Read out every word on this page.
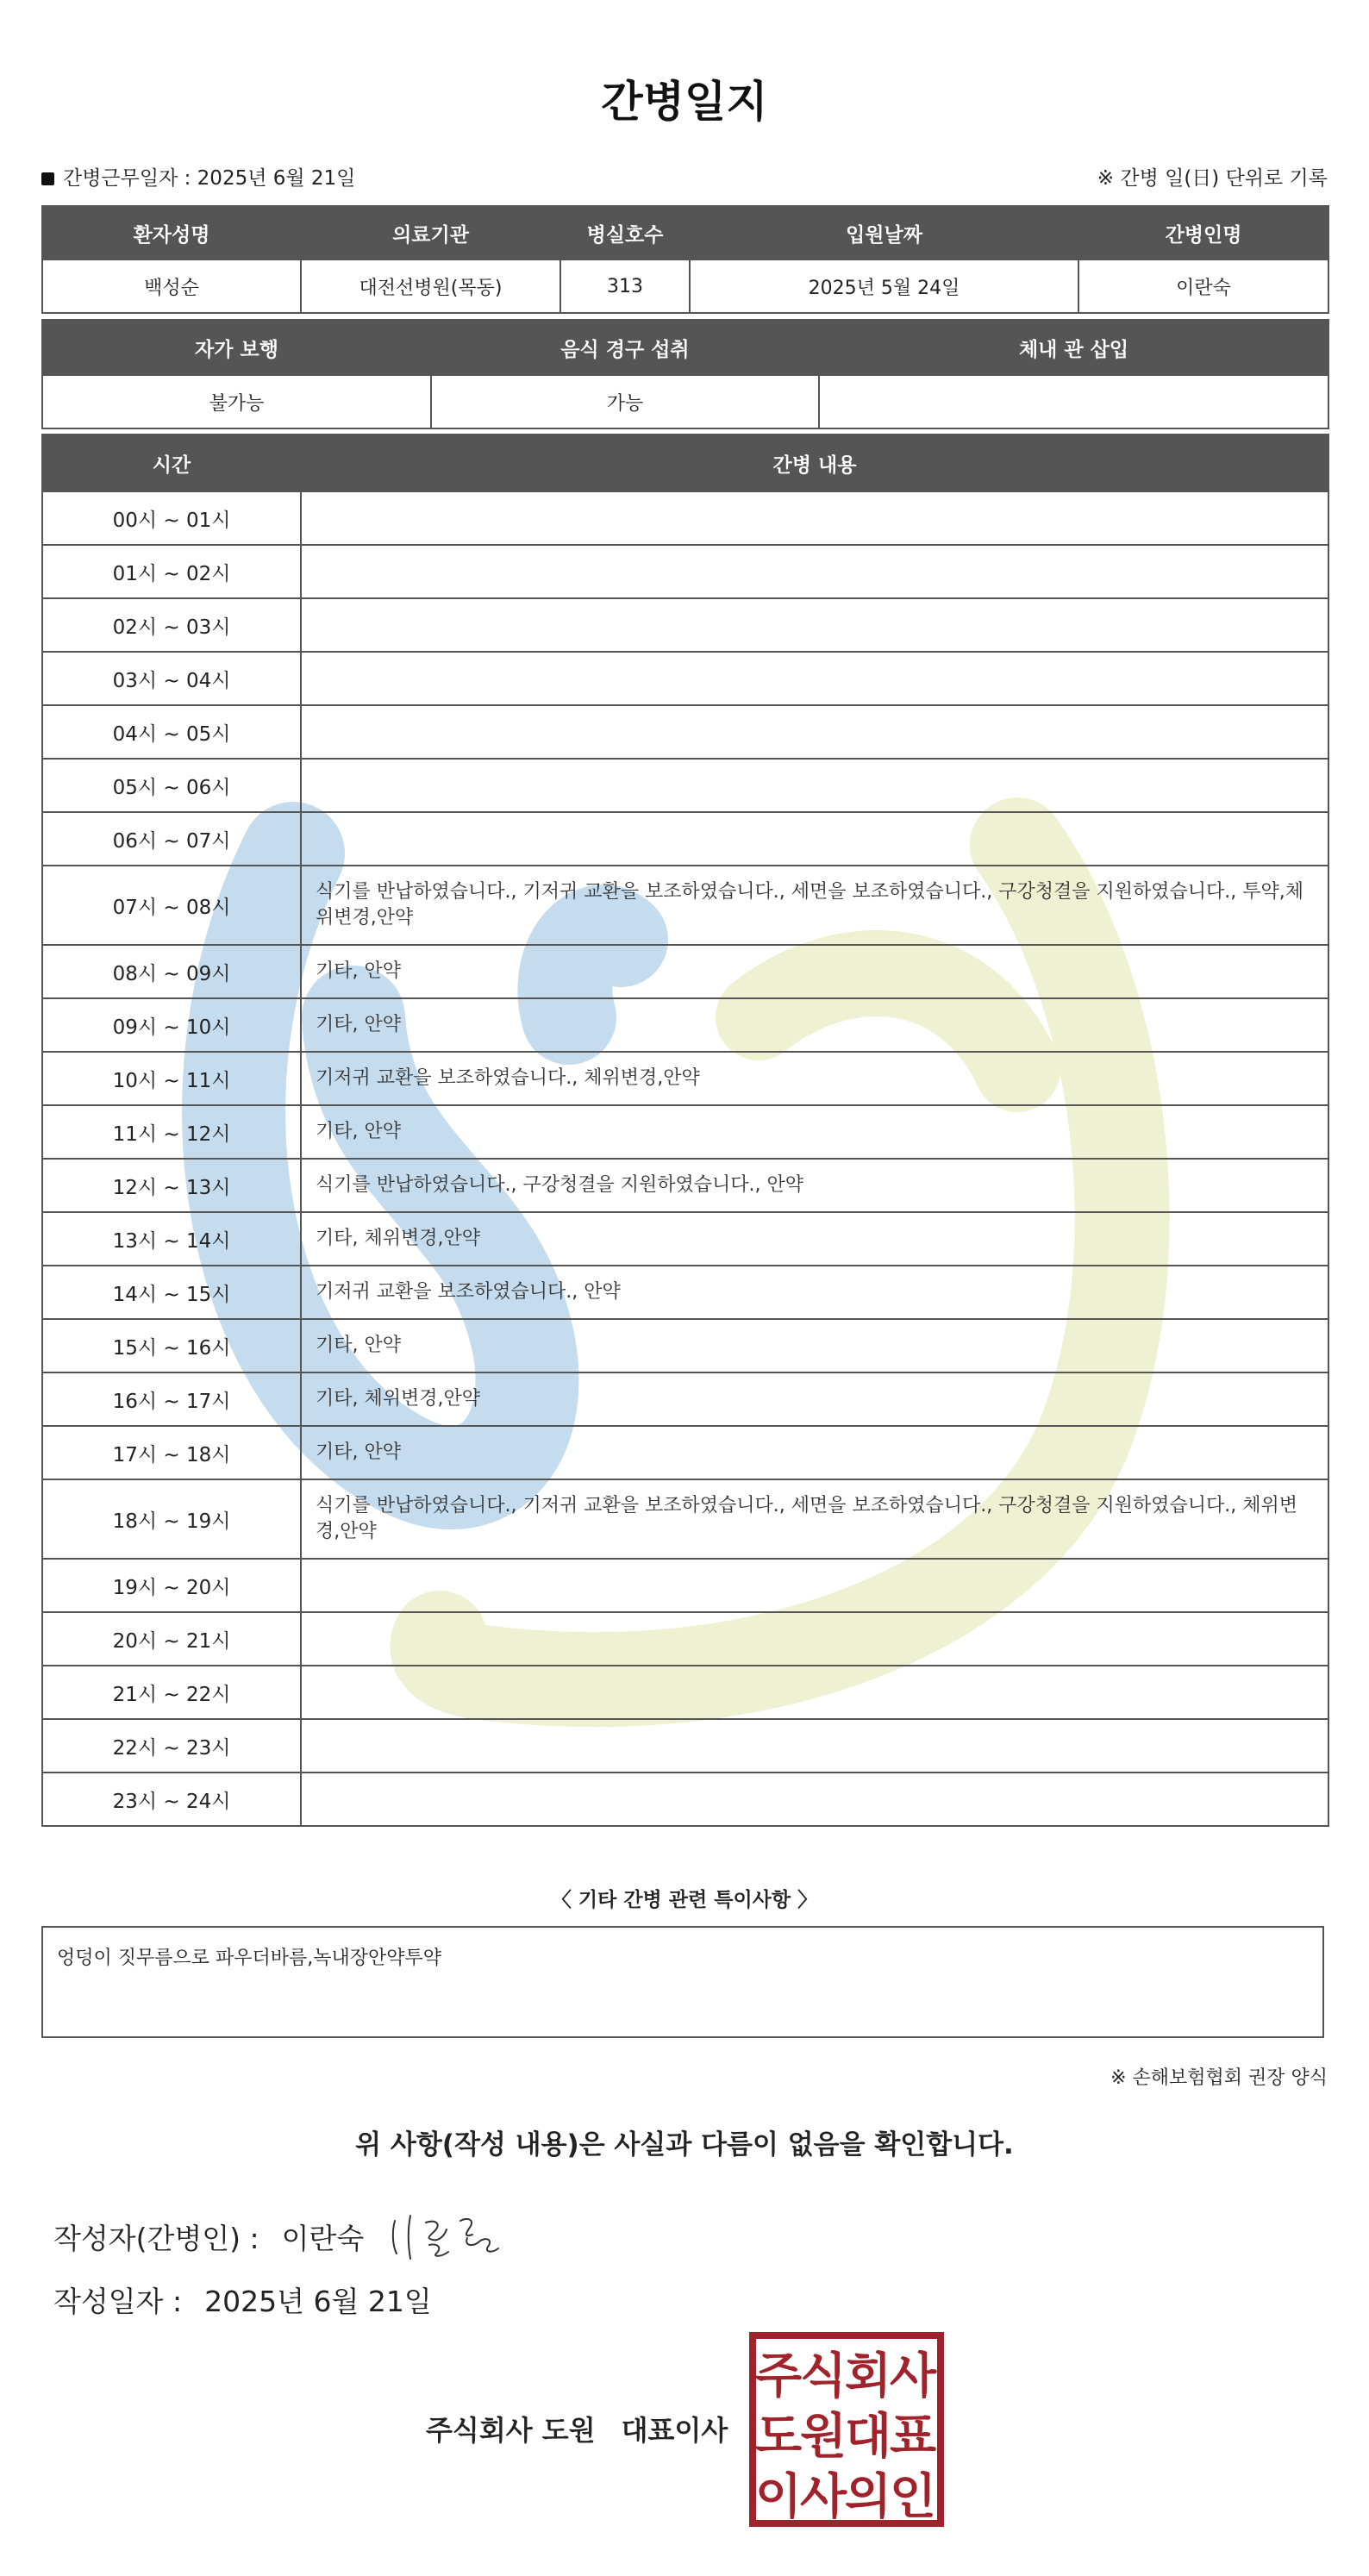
간병일지
간병근무일자 : 2025년 6월 21일	※ 간병 일(日) 단위로 기록
환자성명	의료기관	병실호수	입원날짜	간병인명
백성순	대전선병원(목동)	313	2025년 5월 24일	이란숙
자가 보행	음식 경구 섭취	체내 관 삽입
불가능	가능	
시간	간병 내용
00시 ~ 01시	
01시 ~ 02시	
02시 ~ 03시	
03시 ~ 04시	
04시 ~ 05시	
05시 ~ 06시	
06시 ~ 07시	
07시 ~ 08시	식기를 반납하였습니다., 기저귀 교환을 보조하였습니다., 세면을 보조하였습니다., 구강청결을 지원하였습니다., 투약,체위변경,안약
08시 ~ 09시	기타, 안약
09시 ~ 10시	기타, 안약
10시 ~ 11시	기저귀 교환을 보조하였습니다., 체위변경,안약
11시 ~ 12시	기타, 안약
12시 ~ 13시	식기를 반납하였습니다., 구강청결을 지원하였습니다., 안약
13시 ~ 14시	기타, 체위변경,안약
14시 ~ 15시	기저귀 교환을 보조하였습니다., 안약
15시 ~ 16시	기타, 안약
16시 ~ 17시	기타, 체위변경,안약
17시 ~ 18시	기타, 안약
18시 ~ 19시	식기를 반납하였습니다., 기저귀 교환을 보조하였습니다., 세면을 보조하였습니다., 구강청결을 지원하였습니다., 체위변경,안약
19시 ~ 20시	
20시 ~ 21시	
21시 ~ 22시	
22시 ~ 23시	
23시 ~ 24시	
〈 기타 간병 관련 특이사항 〉
엉덩이 짓무름으로 파우더바름,녹내장안약투약
※ 손해보험협회 권장 양식
위 사항(작성 내용)은 사실과 다름이 없음을 확인합니다.
작성자(간병인) : 이란숙
작성일자 : 2025년 6월 21일
주식회사 도원 대표이사
주
식
회
사
도
원
대
표
이
사
의
인
